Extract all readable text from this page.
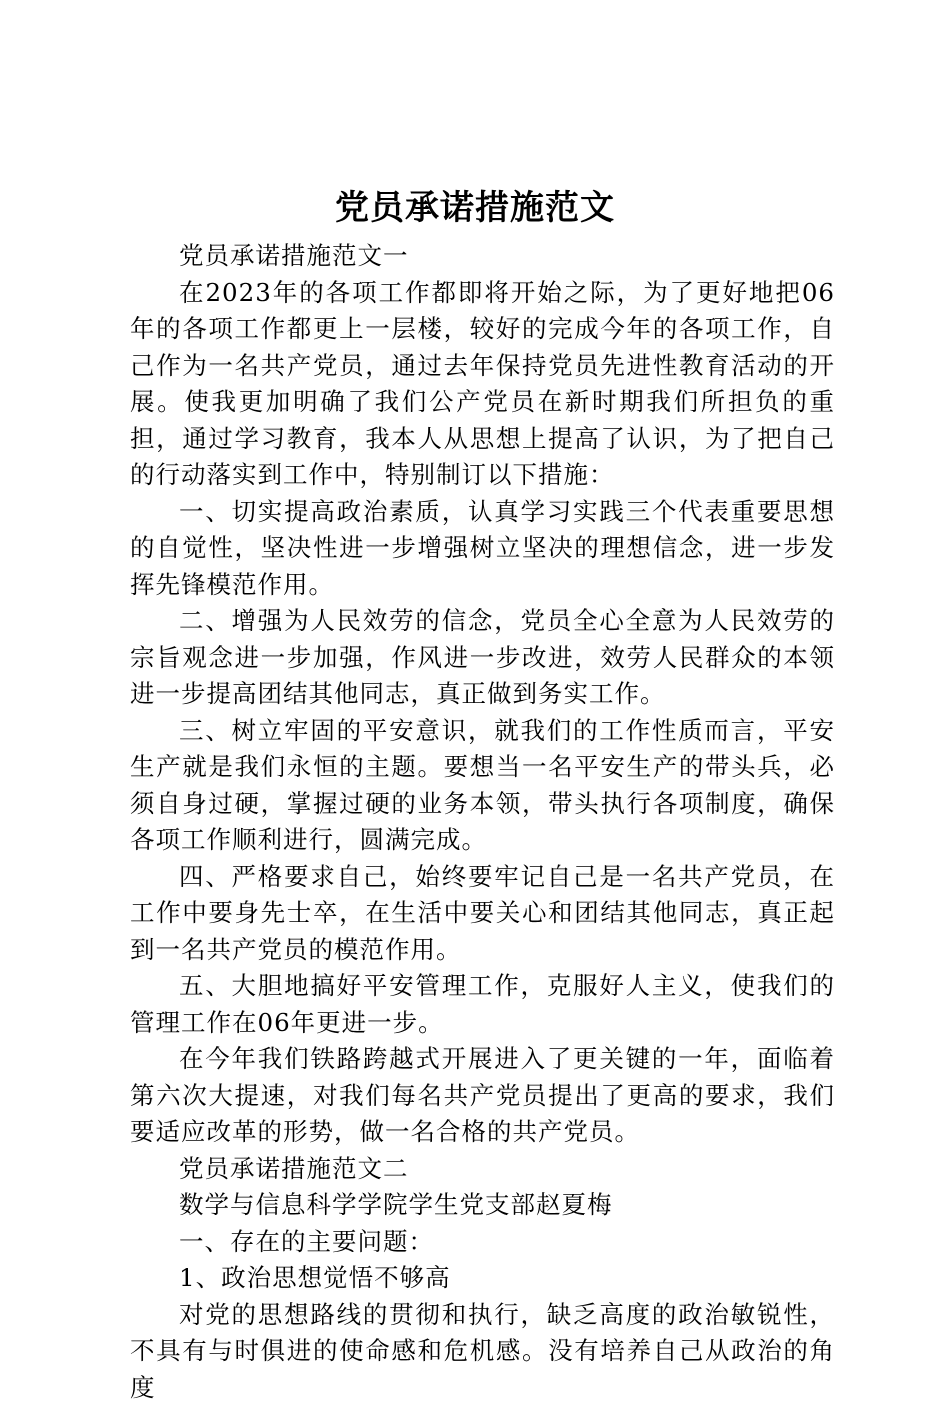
党员承诺措施范文

党员承诺措施范文一

在2023年的各项工作都即将开始之际，为了更好地把06年的各项工作都更上一层楼，较好的完成今年的各项工作，自己作为一名共产党员，通过去年保持党员先进性教育活动的开展。使我更加明确了我们公产党员在新时期我们所担负的重担，通过学习教育，我本人从思想上提高了认识，为了把自己的行动落实到工作中，特别制订以下措施：

一、切实提高政治素质，认真学习实践三个代表重要思想的自觉性，坚决性进一步增强树立坚决的理想信念，进一步发挥先锋模范作用。

二、增强为人民效劳的信念，党员全心全意为人民效劳的宗旨观念进一步加强，作风进一步改进，效劳人民群众的本领进一步提高团结其他同志，真正做到务实工作。

三、树立牢固的平安意识，就我们的工作性质而言，平安生产就是我们永恒的主题。要想当一名平安生产的带头兵，必须自身过硬，掌握过硬的业务本领，带头执行各项制度，确保各项工作顺利进行，圆满完成。

四、严格要求自己，始终要牢记自己是一名共产党员，在工作中要身先士卒，在生活中要关心和团结其他同志，真正起到一名共产党员的模范作用。

五、大胆地搞好平安管理工作，克服好人主义，使我们的管理工作在06年更进一步。

在今年我们铁路跨越式开展进入了更关键的一年，面临着第六次大提速，对我们每名共产党员提出了更高的要求，我们要适应改革的形势，做一名合格的共产党员。

党员承诺措施范文二

数学与信息科学学院学生党支部赵夏梅

一、存在的主要问题：

1、政治思想觉悟不够高

对党的思想路线的贯彻和执行，缺乏高度的政治敏锐性，不具有与时俱进的使命感和危机感。没有培养自己从政治的角度
